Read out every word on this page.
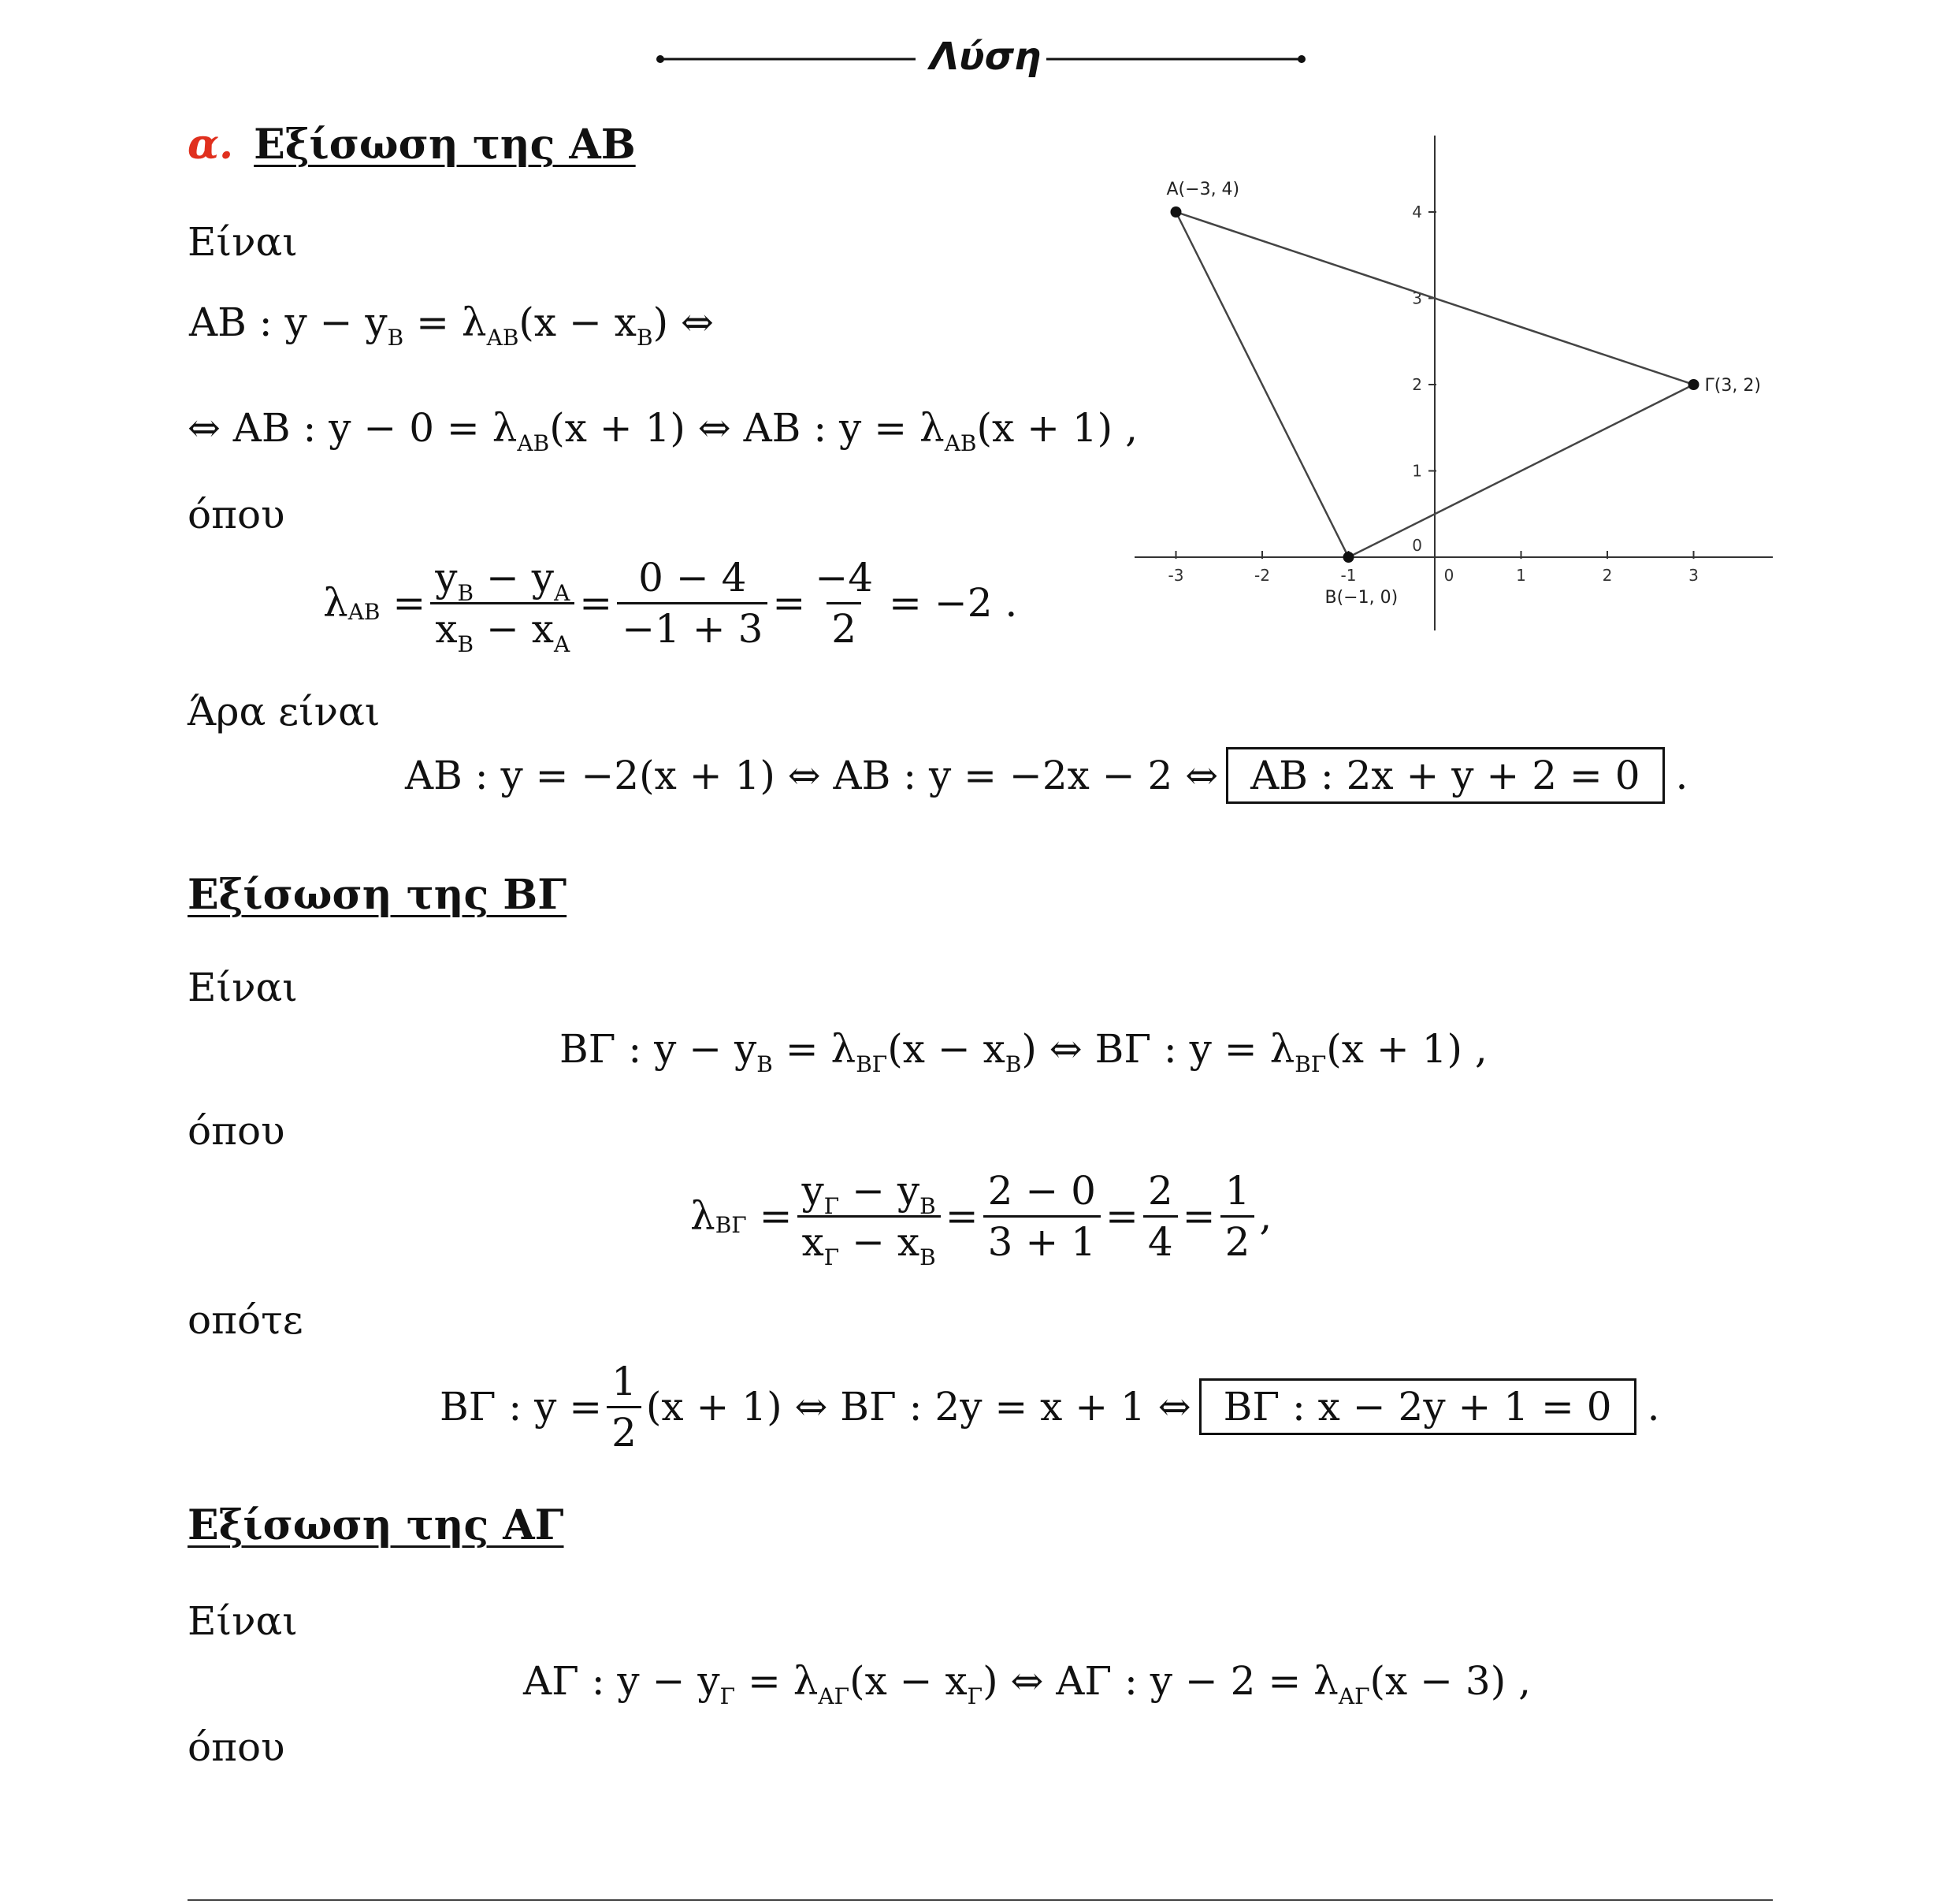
Λύση
α. Εξίσωση της ΑΒ
Είναι
ΑΒ : $y - y_B = \lambda_{AB}(x - x_B)$ ⇔
⇔ ΑΒ : $y - 0 = \lambda_{AB}(x + 1)$ ⇔ ΑΒ : $y = \lambda_{AB}(x + 1)$ ,
όπου
λ $AB = \frac{y_B - y_A}{x_B - x_A} = \frac{0 - 4}{-1 + 3} = \frac{-4}{2} = -2$ .
Άρα είναι
ΑΒ : y = −2(x + 1) ⇔ ΑΒ : y = −2x − 2 ⇔ ΑΒ : 2x + y + 2 = 0 .
Εξίσωση της ΒΓ
Είναι
ΒΓ : $y - y_B = \lambda_{B\Gamma}(x - x_B)$ ⇔ ΒΓ : $y = \lambda_{B\Gamma}(x + 1)$ ,
όπου
λ $B\Gamma = \frac{y_\Gamma - y_B}{x_\Gamma - x_B} = \frac{2 - 0}{3 + 1} = \frac{2}{4} = \frac{1}{2}$ ,
οπότε
ΒΓ : $y = \frac{1}{2} (x + 1)$ ⇔ ΒΓ : 2y = x + 1 ⇔ ΒΓ : x − 2y + 1 = 0 .
Εξίσωση της ΑΓ
Είναι
ΑΓ : $y - y_\Gamma = \lambda_{A\Gamma}(x - x_\Gamma)$ ⇔ ΑΓ : $y - 2 = \lambda_{A\Gamma}(x - 3)$ ,
όπου
-3	-2	-1	0	1	2	3
0
1
2
3
4
A(−3, 4)
B(−1, 0)
Γ(3, 2)
